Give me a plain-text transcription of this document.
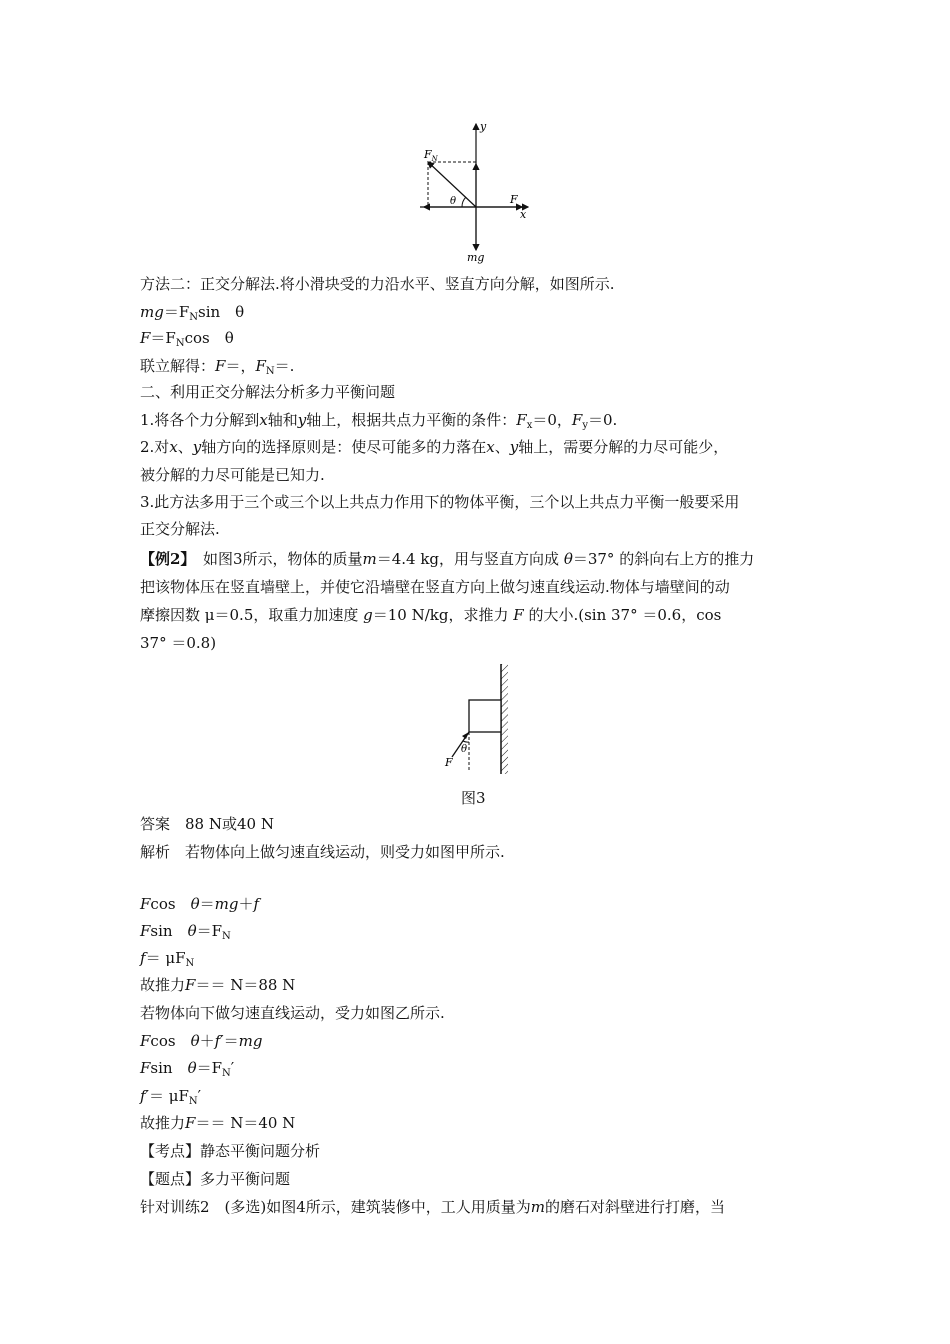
y
x
$F_N$
F
θ
mg
方法二：正交分解法.将小滑块受的力沿水平、竖直方向分解，如图所示.
$mg=F_N\sin$　θ
$F=F_N\cos$　θ
联立解得：F＝，$F_N=$.
二、利用正交分解法分析多力平衡问题
1.将各个力分解到x轴和y轴上，根据共点力平衡的条件：$F_x=0$，$F_y=0$.
2.对x、y轴方向的选择原则是：使尽可能多的力落在x、y轴上，需要分解的力尽可能少，
被分解的力尽可能是已知力.
3.此方法多用于三个或三个以上共点力作用下的物体平衡，三个以上共点力平衡一般要采用
正交分解法.
【例2】　如图3所示，物体的质量m＝4.4 kg，用与竖直方向成 θ＝37° 的斜向右上方的推力
把该物体压在竖直墙壁上，并使它沿墙壁在竖直方向上做匀速直线运动.物体与墙壁间的动
摩擦因数 μ＝0.5，取重力加速度 g＝10 N/kg，求推力 F 的大小.(sin 37° ＝0.6，cos
37° ＝0.8)
θ
F
图3
答案　88 N或40 N
解析　若物体向上做匀速直线运动，则受力如图甲所示.
Fcos　θ＝mg＋f
Fsin　$\theta=F_N$
$f= \mu F_N$
故推力F＝＝ N＝88 N
若物体向下做匀速直线运动，受力如图乙所示.
Fcos　θ＋f′＝mg
Fsin　$\theta=F_N'$
$f'= \mu F_N'$
故推力F＝＝ N＝40 N
【考点】静态平衡问题分析
【题点】多力平衡问题
针对训练2　(多选)如图4所示，建筑装修中，工人用质量为m的磨石对斜壁进行打磨，当
